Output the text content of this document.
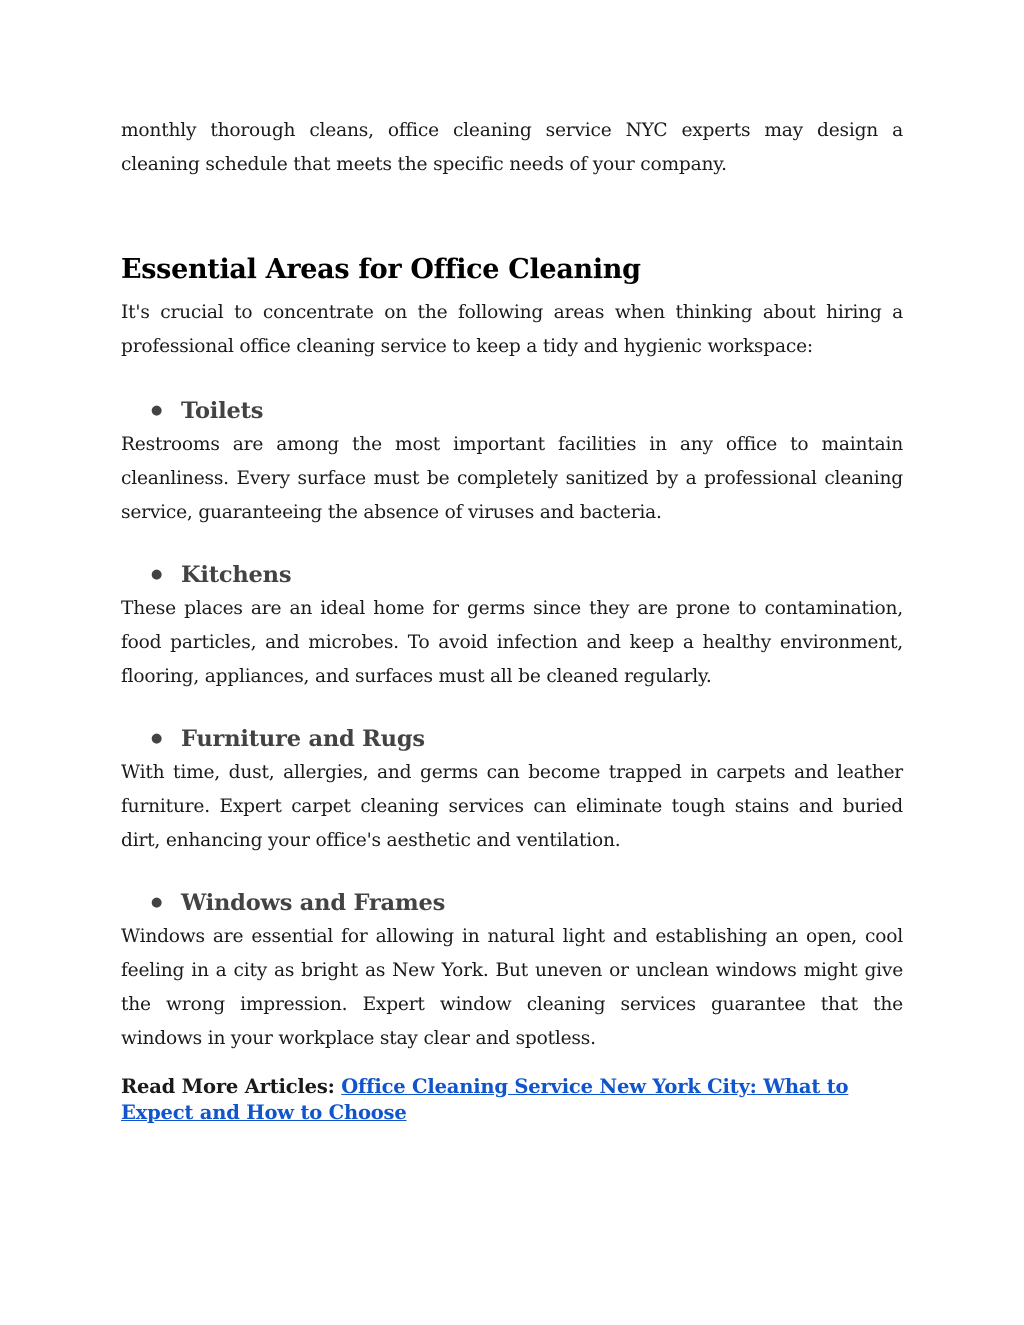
monthly thorough cleans, office cleaning service NYC experts may design a cleaning schedule that meets the specific needs of your company.

Essential Areas for Office Cleaning

It's crucial to concentrate on the following areas when thinking about hiring a professional office cleaning service to keep a tidy and hygienic workspace:

● Toilets

Restrooms are among the most important facilities in any office to maintain cleanliness. Every surface must be completely sanitized by a professional cleaning service, guaranteeing the absence of viruses and bacteria.

● Kitchens

These places are an ideal home for germs since they are prone to contamination, food particles, and microbes. To avoid infection and keep a healthy environment, flooring, appliances, and surfaces must all be cleaned regularly.

● Furniture and Rugs

With time, dust, allergies, and germs can become trapped in carpets and leather furniture. Expert carpet cleaning services can eliminate tough stains and buried dirt, enhancing your office's aesthetic and ventilation.

● Windows and Frames

Windows are essential for allowing in natural light and establishing an open, cool feeling in a city as bright as New York. But uneven or unclean windows might give the wrong impression. Expert window cleaning services guarantee that the windows in your workplace stay clear and spotless.

Read More Articles: Office Cleaning Service New York City: What to Expect and How to Choose
